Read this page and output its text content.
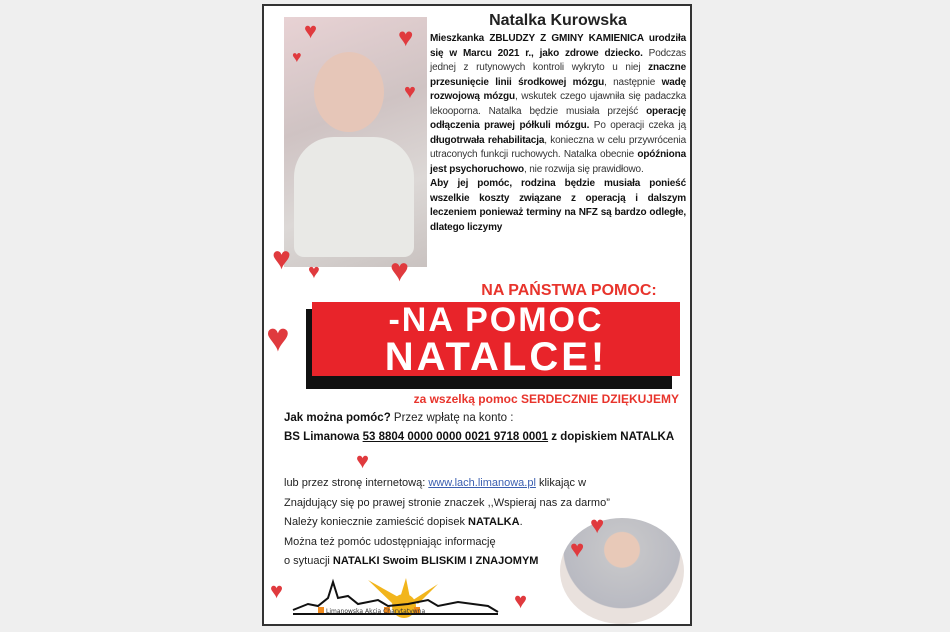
Natalka Kurowska
Mieszkanka ZBLUDZY Z GMINY KAMIENICA urodziła się w Marcu 2021 r., jako zdrowe dziecko. Podczas jednej z rutynowych kontroli wykryto u niej znaczne przesunięcie linii środkowej mózgu, następnie wadę rozwojową mózgu, wskutek czego ujawniła się padaczka lekooporna. Natalka będzie musiała przejść operację odłączenia prawej półkuli mózgu. Po operacji czeka ją długotrwała rehabilitacja, konieczna w celu przywrócenia utraconych funkcji ruchowych. Natalka obecnie opóźniona jest psychoruchowo, nie rozwija się prawidłowo.
Aby jej pomóc, rodzina będzie musiała ponieść wszelkie koszty związane z operacją i dalszym leczeniem ponieważ terminy na NFZ są bardzo odległe, dlatego liczymy
♥	♥
♥
♥
♥ ♥ ♥
♥
♥
♥
♥
♥	♥
NA PAŃSTWA POMOC:
-NA POMOC
NATALCE!
za wszelką pomoc SERDECZNIE DZIĘKUJEMY
Jak można pomóc? Przez wpłatę na konto :
BS Limanowa 53 8804 0000 0000 0021 9718 0001 z dopiskiem NATALKA
lub przez stronę internetową: www.lach.limanowa.pl klikając w
Znajdujący się po prawej stronie znaczek ,,Wspieraj nas za darmo”
Należy koniecznie zamieścić dopisek NATALKA.
Można też pomóc udostępniając informację
o sytuacji NATALKI Swoim BLISKIM I ZNAJOMYM
Limanowska Akcja Charytatywna
